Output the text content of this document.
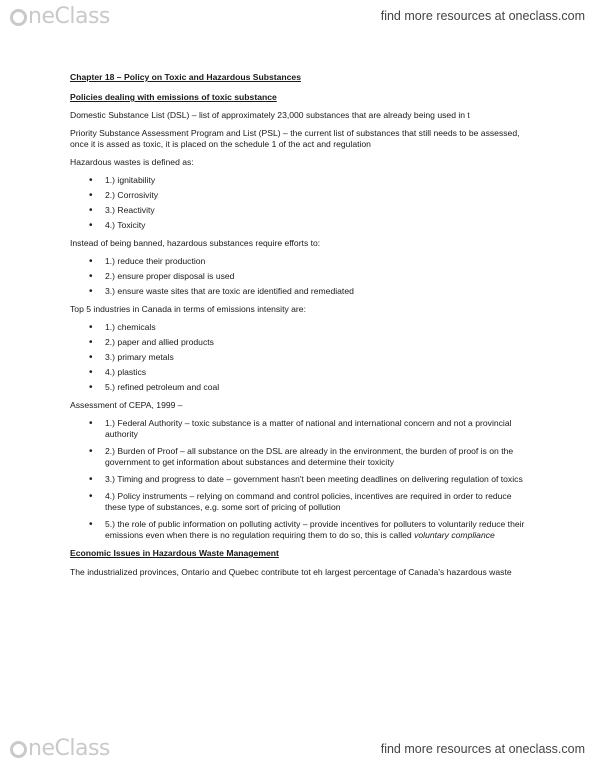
neClass	find more resources at oneclass.com
Chapter 18 – Policy on Toxic and Hazardous Substances
Policies dealing with emissions of toxic substance
Domestic Substance List (DSL) – list of approximately 23,000 substances that are already being used in t
Priority Substance Assessment Program and List (PSL) – the current list of substances that still needs to be assessed, once it is assed as toxic, it is placed on the schedule 1 of the act and regulation
Hazardous wastes is defined as:
• 1.) ignitability
• 2.) Corrosivity
• 3.) Reactivity
• 4.) Toxicity
Instead of being banned, hazardous substances require efforts to:
• 1.) reduce their production
• 2.) ensure proper disposal is used
• 3.) ensure waste sites that are toxic are identified and remediated
Top 5 industries in Canada in terms of emissions intensity are:
• 1.) chemicals
• 2.) paper and allied products
• 3.) primary metals
• 4.) plastics
• 5.) refined petroleum and coal
Assessment of CEPA, 1999 –
• 1.) Federal Authority – toxic substance is a matter of national and international concern and not a provincial authority
• 2.) Burden of Proof – all substance on the DSL are already in the environment, the burden of proof is on the government to get information about substances and determine their toxicity
• 3.) Timing and progress to date – government hasn't been meeting deadlines on delivering regulation of toxics
• 4.) Policy instruments – relying on command and control policies, incentives are required in order to reduce these type of substances, e.g. some sort of pricing of pollution
• 5.) the role of public information on polluting activity – provide incentives for polluters to voluntarily reduce their emissions even when there is no regulation requiring them to do so, this is called voluntary compliance
Economic Issues in Hazardous Waste Management
The industrialized provinces, Ontario and Quebec contribute tot eh largest percentage of Canada's hazardous waste
neClass	find more resources at oneclass.com
